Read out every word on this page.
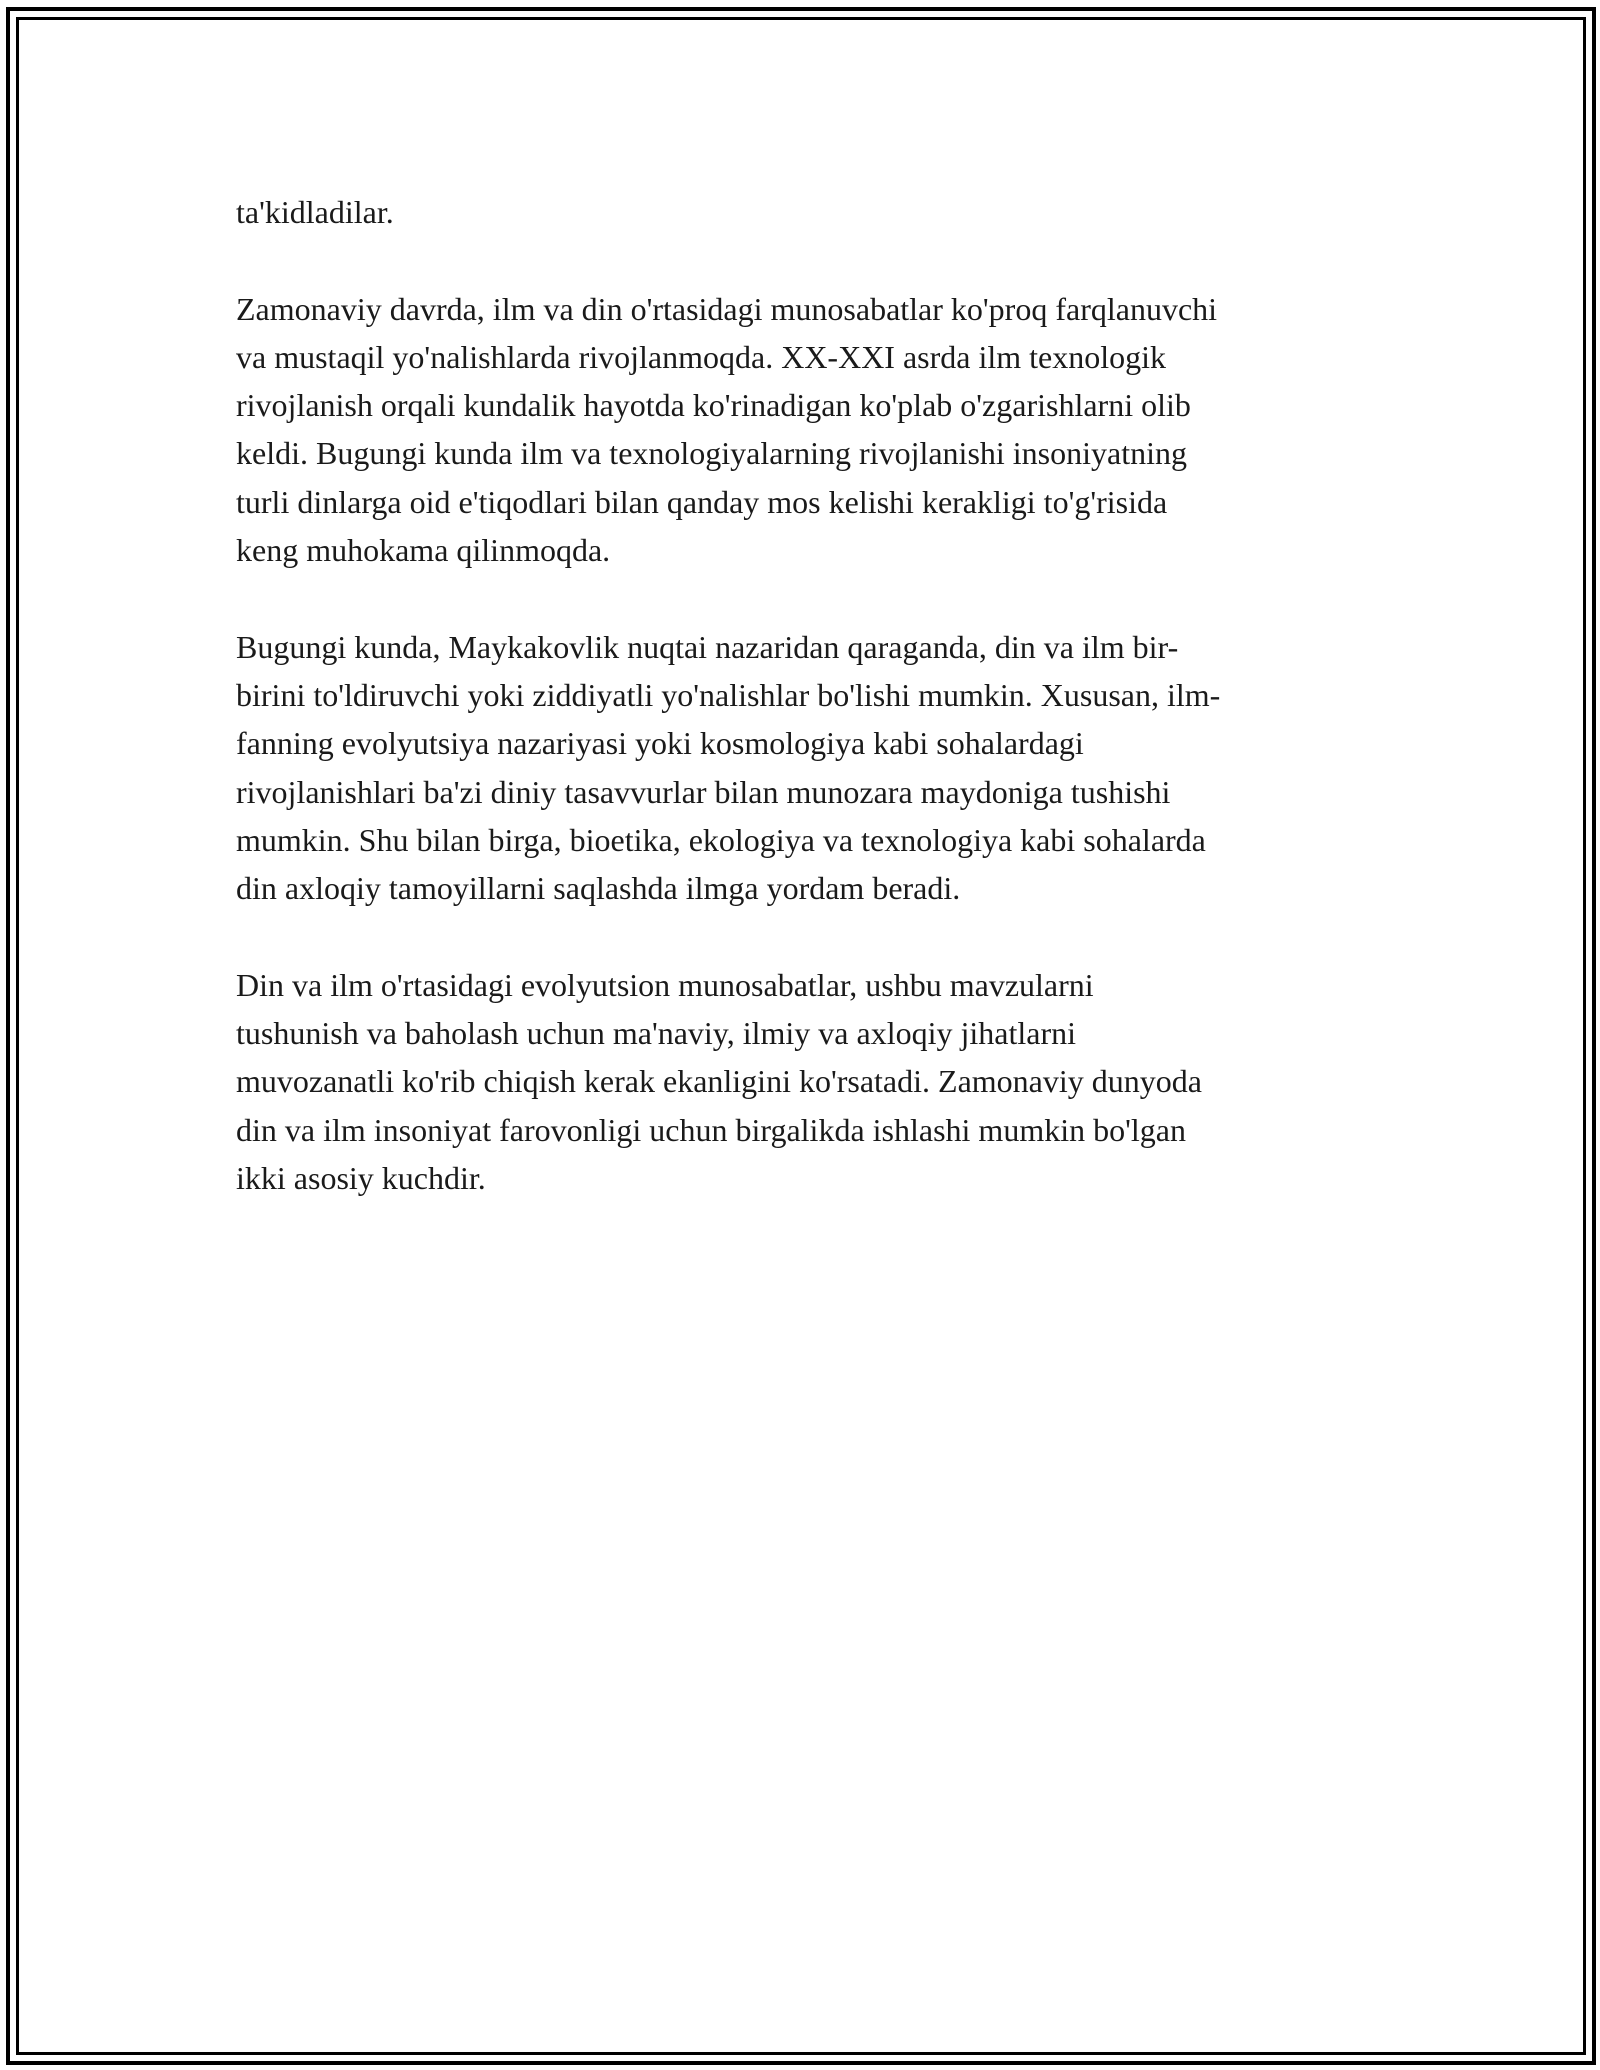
ta'kidladilar.

Zamonaviy davrda, ilm va din o'rtasidagi munosabatlar ko'proq farqlanuvchi
va mustaqil yo'nalishlarda rivojlanmoqda. XX-XXI asrda ilm texnologik
rivojlanish orqali kundalik hayotda ko'rinadigan ko'plab o'zgarishlarni olib
keldi. Bugungi kunda ilm va texnologiyalarning rivojlanishi insoniyatning
turli dinlarga oid e'tiqodlari bilan qanday mos kelishi kerakligi to'g'risida
keng muhokama qilinmoqda.

Bugungi kunda, Maykakovlik nuqtai nazaridan qaraganda, din va ilm bir-
birini to'ldiruvchi yoki ziddiyatli yo'nalishlar bo'lishi mumkin. Xususan, ilm-
fanning evolyutsiya nazariyasi yoki kosmologiya kabi sohalardagi
rivojlanishlari ba'zi diniy tasavvurlar bilan munozara maydoniga tushishi
mumkin. Shu bilan birga, bioetika, ekologiya va texnologiya kabi sohalarda
din axloqiy tamoyillarni saqlashda ilmga yordam beradi.

Din va ilm o'rtasidagi evolyutsion munosabatlar, ushbu mavzularni
tushunish va baholash uchun ma'naviy, ilmiy va axloqiy jihatlarni
muvozanatli ko'rib chiqish kerak ekanligini ko'rsatadi. Zamonaviy dunyoda
din va ilm insoniyat farovonligi uchun birgalikda ishlashi mumkin bo'lgan
ikki asosiy kuchdir.
